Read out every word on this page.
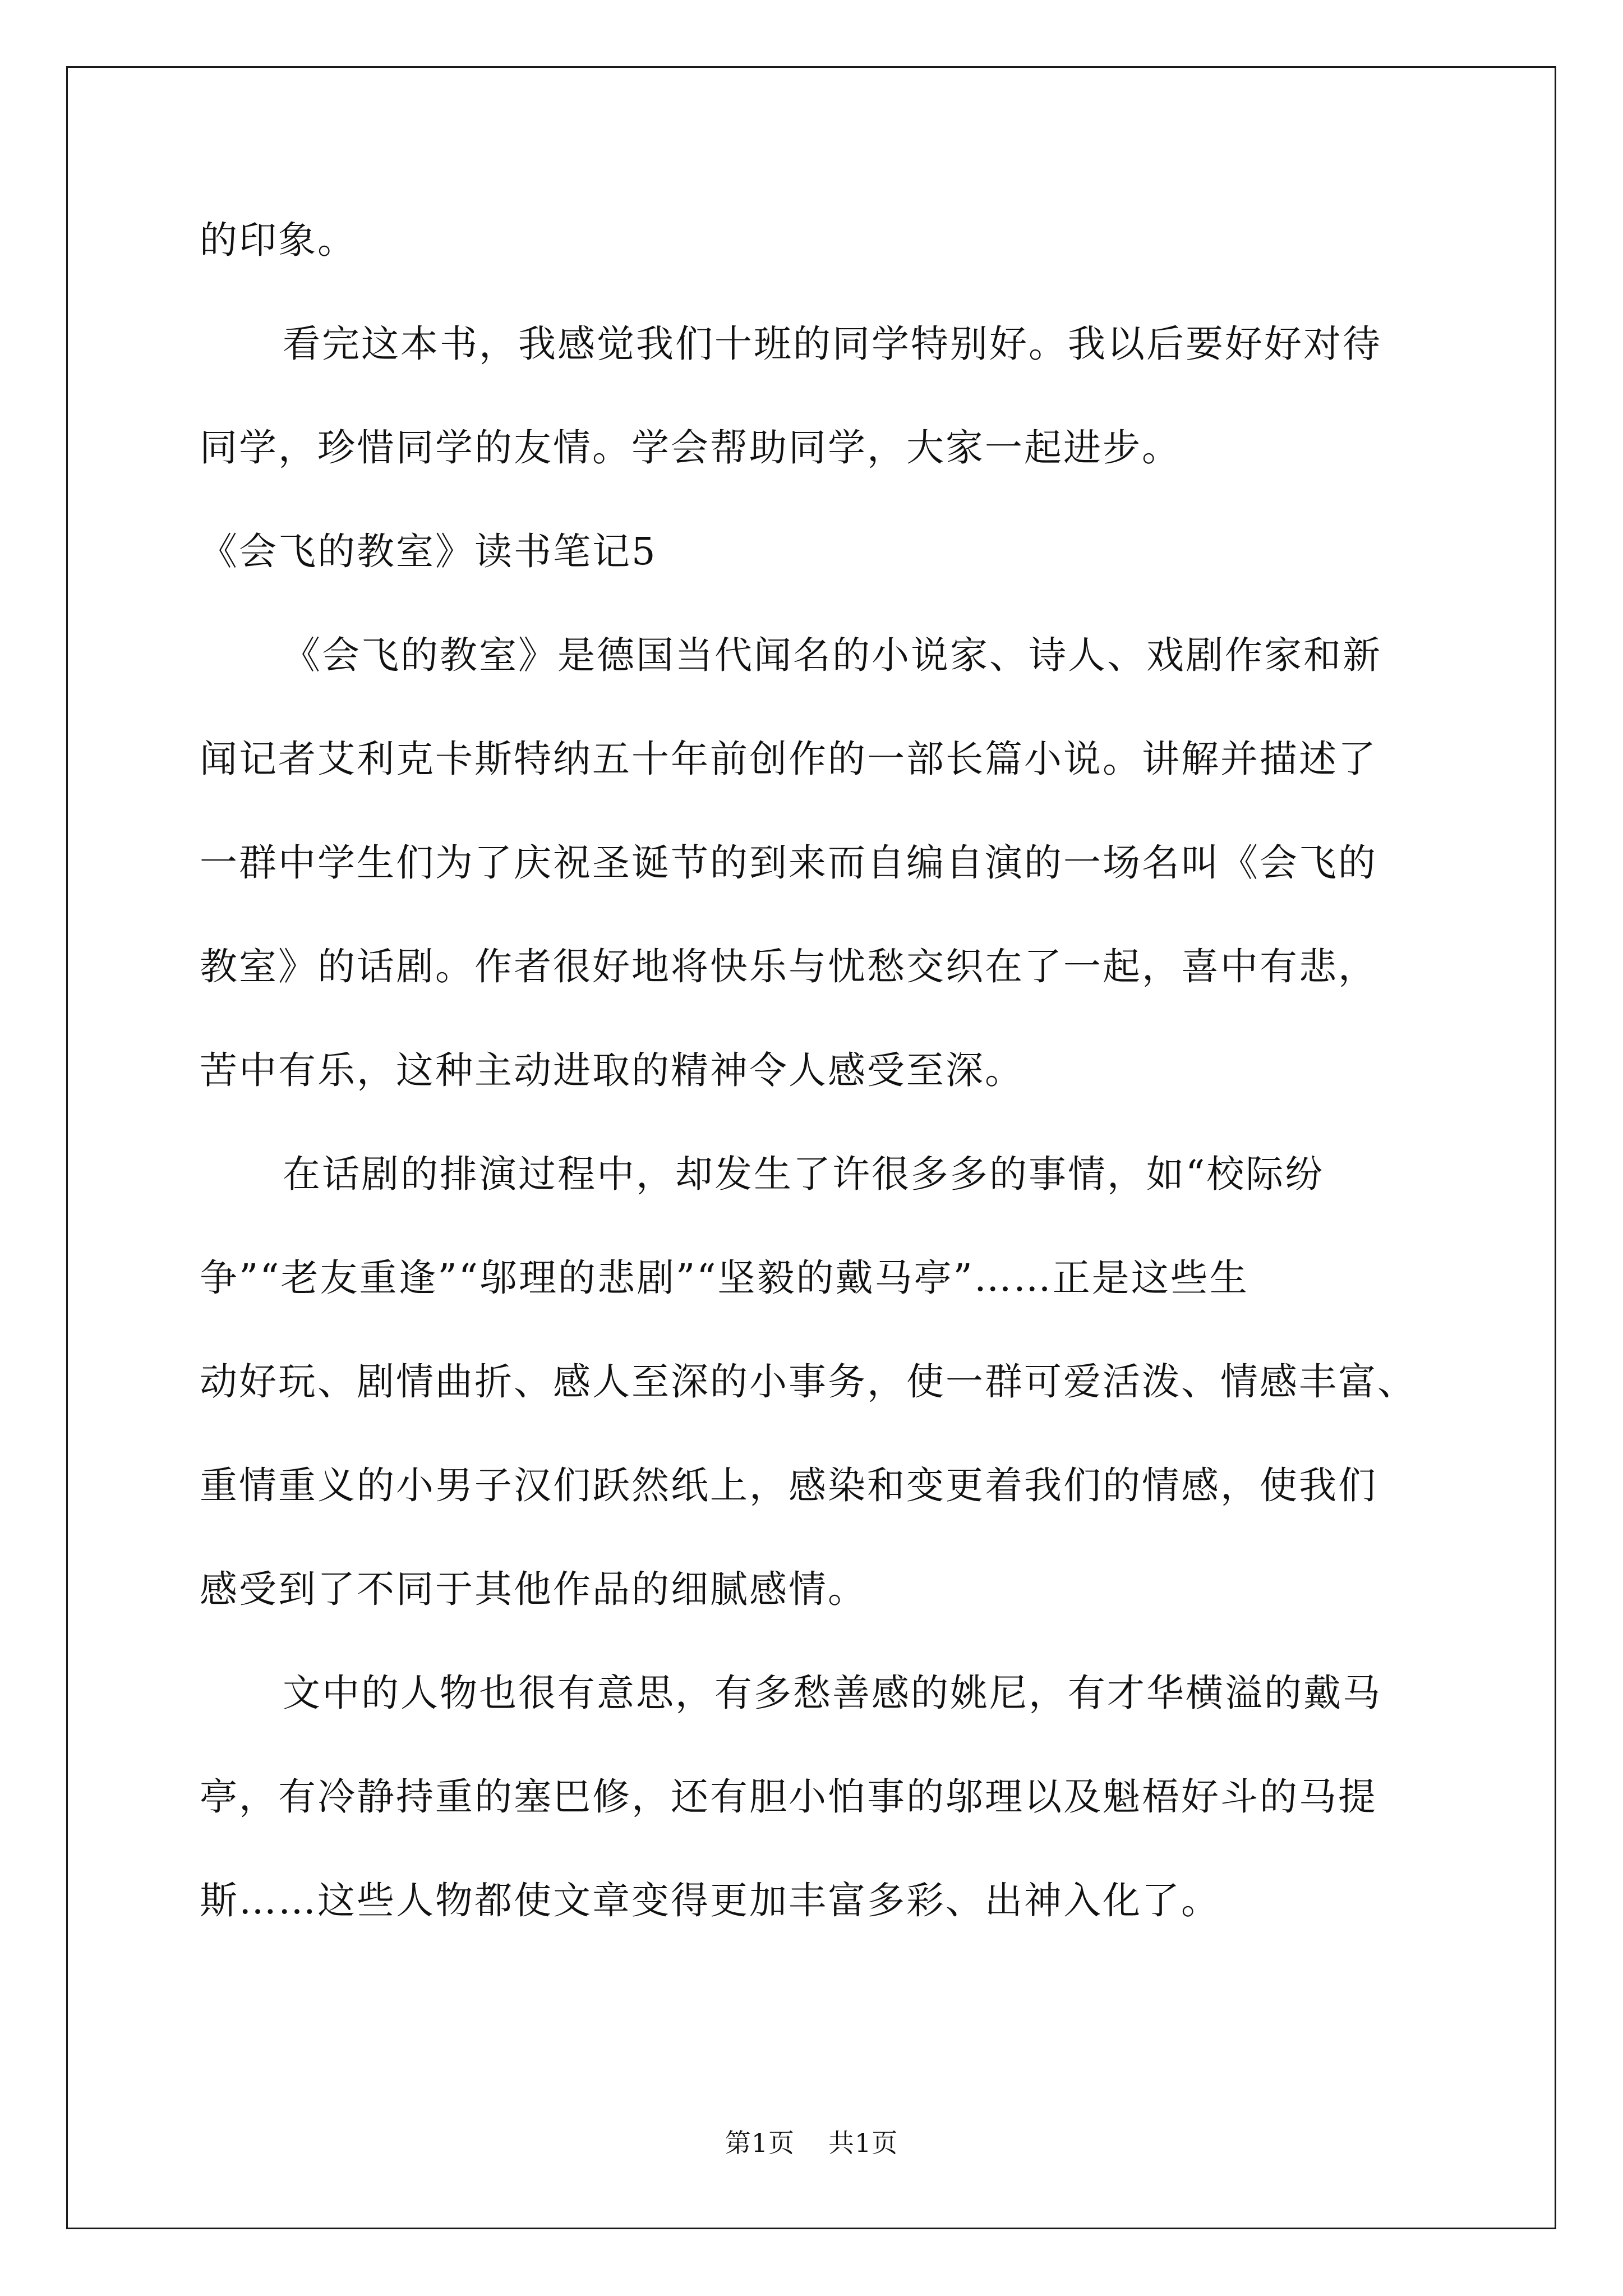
的印象。
看完这本书，我感觉我们十班的同学特别好。我以后要好好对待
同学，珍惜同学的友情。学会帮助同学，大家一起进步。
《会飞的教室》读书笔记5
《会飞的教室》是德国当代闻名的小说家、诗人、戏剧作家和新
闻记者艾利克卡斯特纳五十年前创作的一部长篇小说。讲解并描述了
一群中学生们为了庆祝圣诞节的到来而自编自演的一场名叫《会飞的
教室》的话剧。作者很好地将快乐与忧愁交织在了一起，喜中有悲，
苦中有乐，这种主动进取的精神令人感受至深。
在话剧的排演过程中，却发生了许很多多的事情，如“校际纷
争”“老友重逢”“邬理的悲剧”“坚毅的戴马亭”……正是这些生
动好玩、剧情曲折、感人至深的小事务，使一群可爱活泼、情感丰富、
重情重义的小男子汉们跃然纸上，感染和变更着我们的情感，使我们
感受到了不同于其他作品的细腻感情。
文中的人物也很有意思，有多愁善感的姚尼，有才华横溢的戴马
亭，有冷静持重的塞巴修，还有胆小怕事的邬理以及魁梧好斗的马提
斯……这些人物都使文章变得更加丰富多彩、出神入化了。
第1页 共1页
